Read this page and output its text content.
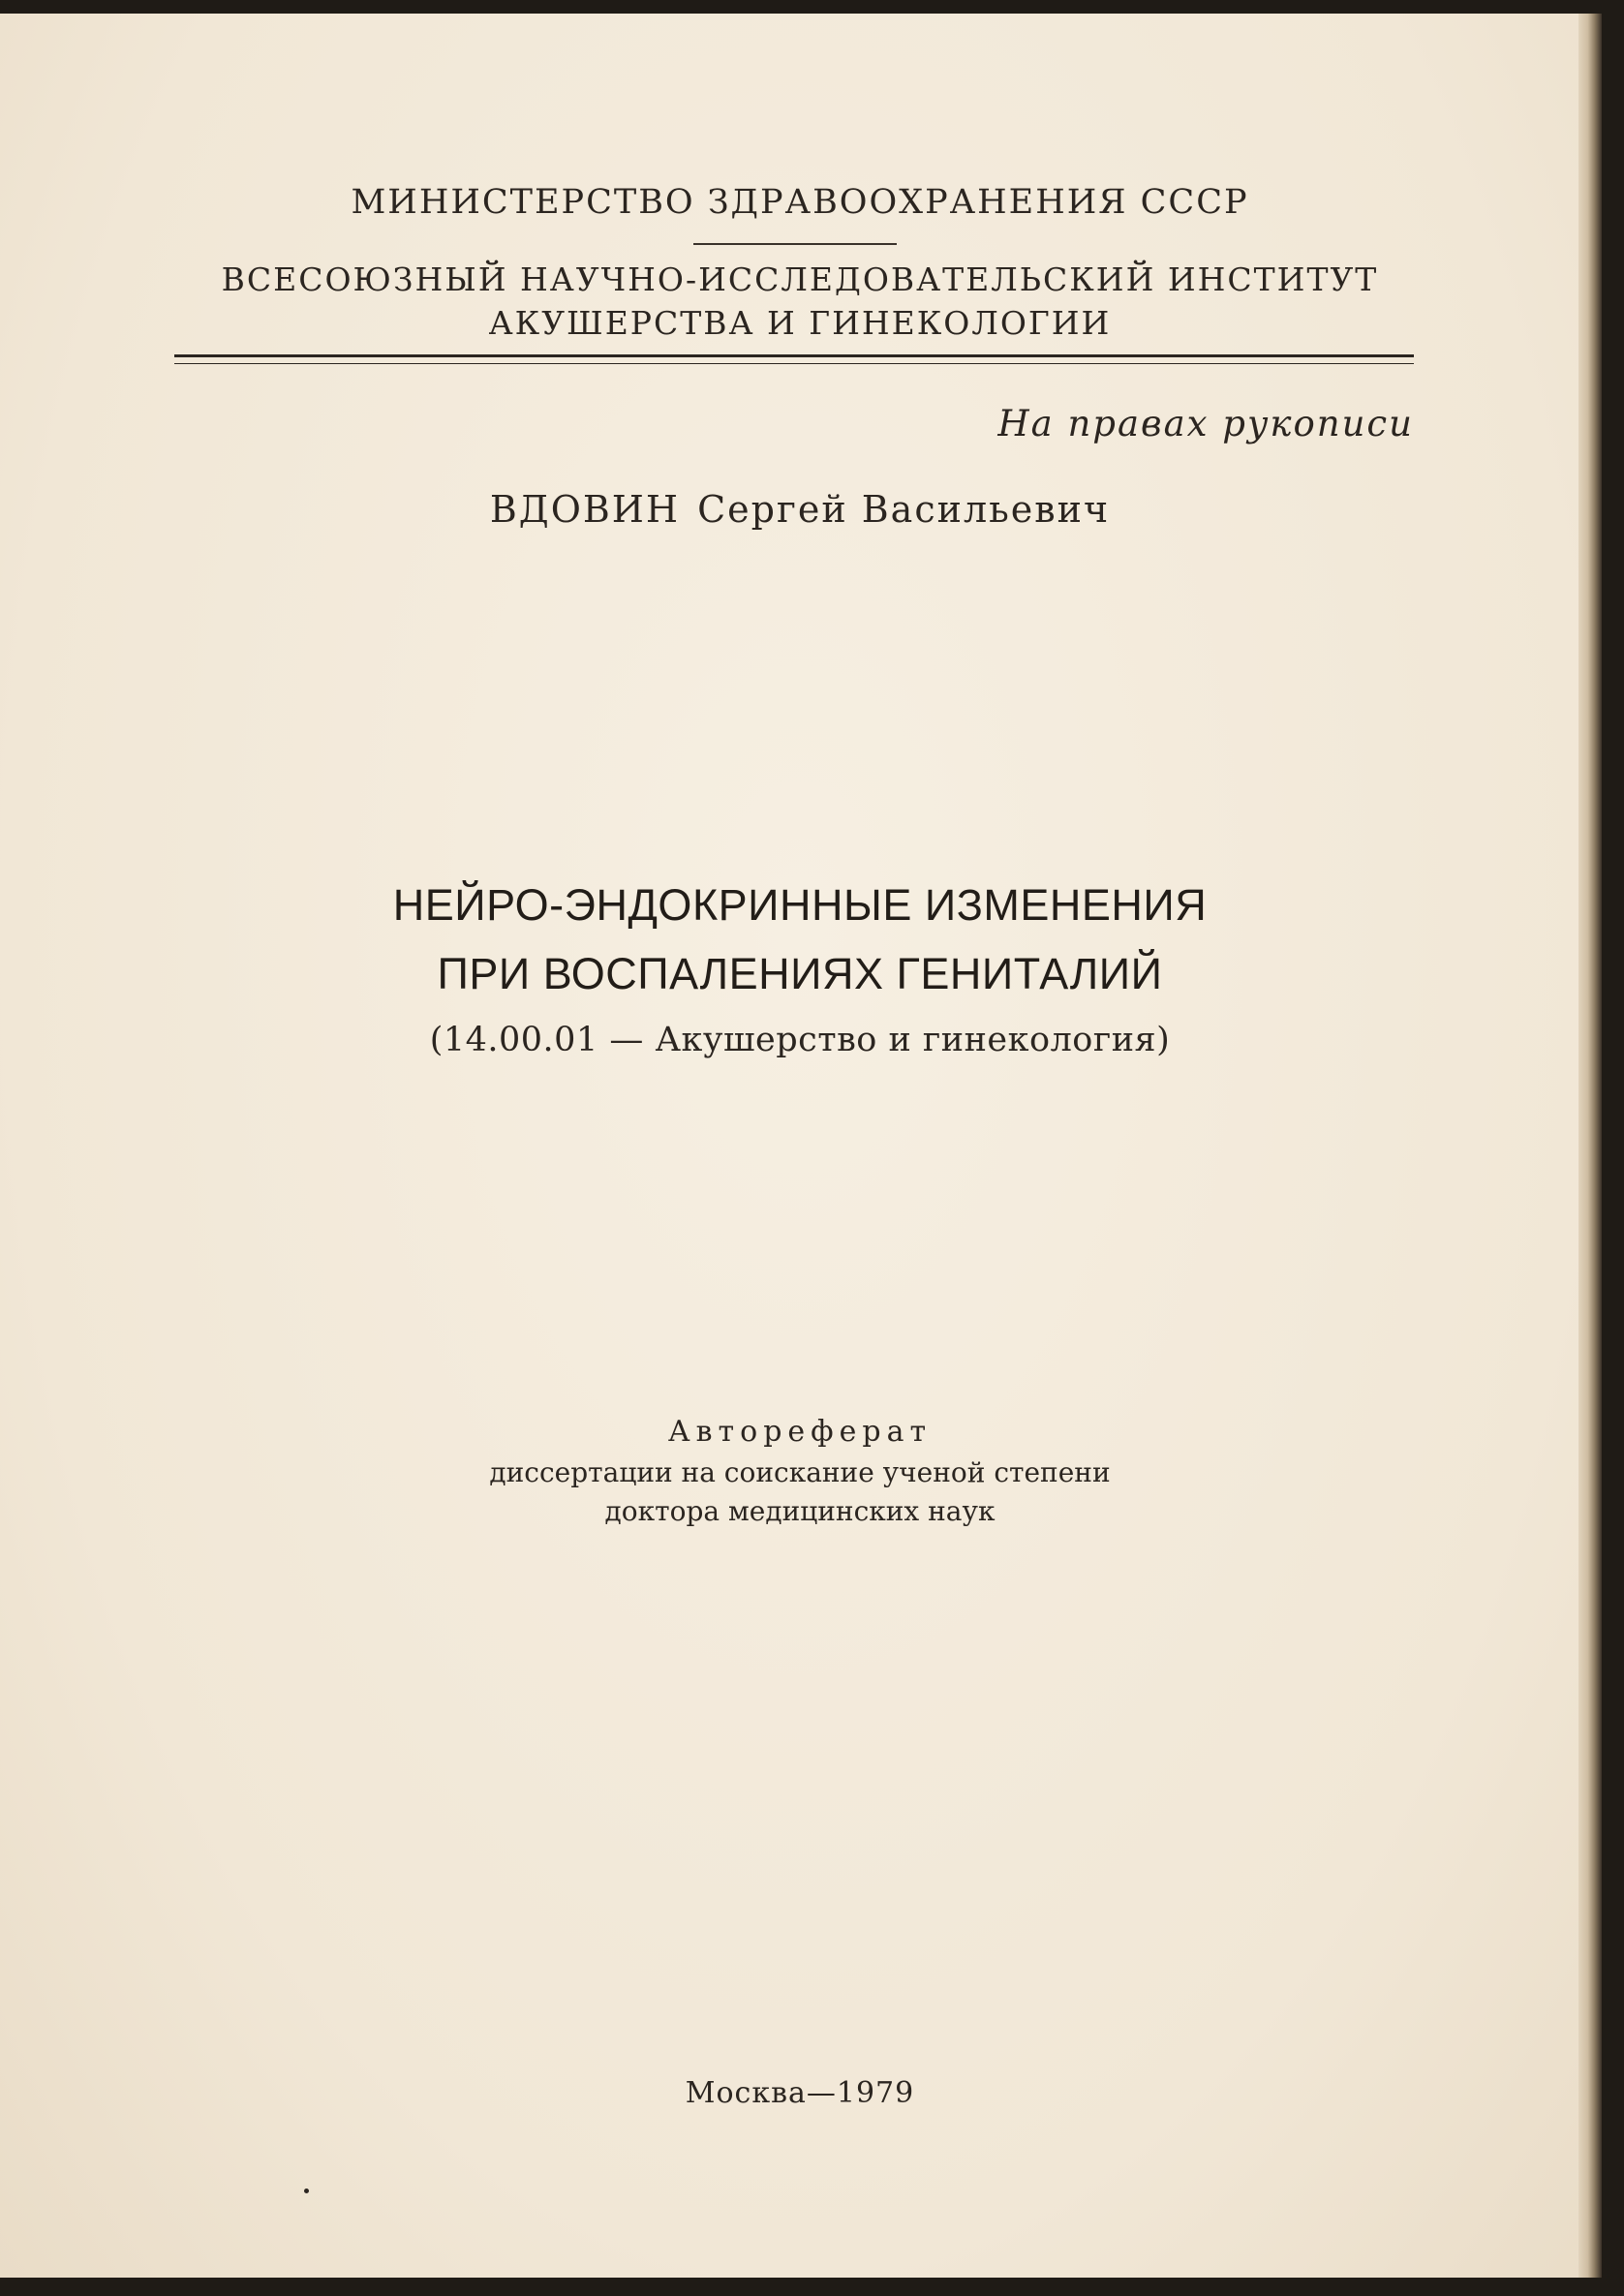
МИНИСТЕРСТВО ЗДРАВООХРАНЕНИЯ СССР
ВСЕСОЮЗНЫЙ НАУЧНО-ИССЛЕДОВАТЕЛЬСКИЙ ИНСТИТУТ
АКУШЕРСТВА И ГИНЕКОЛОГИИ
На правах рукописи
ВДОВИН Сергей Васильевич
НЕЙРО-ЭНДОКРИННЫЕ ИЗМЕНЕНИЯ
ПРИ ВОСПАЛЕНИЯХ ГЕНИТАЛИЙ
(14.00.01 — Акушерство и гинекология)
Автореферат
диссертации на соискание ученой степени
доктора медицинских наук
Москва—1979
